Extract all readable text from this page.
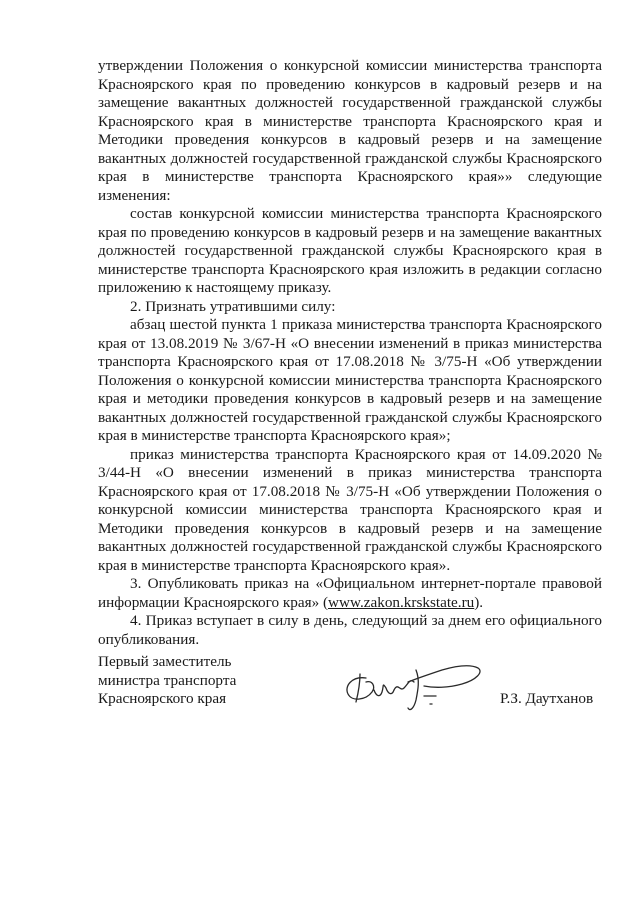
утверждении Положения о конкурсной комиссии министерства транспорта Красноярского края по проведению конкурсов в кадровый резерв и на замещение вакантных должностей государственной гражданской службы Красноярского края в министерстве транспорта Красноярского края и Методики проведения конкурсов в кадровый резерв и на замещение вакантных должностей государственной гражданской службы Красноярского края в министерстве транспорта Красноярского края»» следующие изменения:

состав конкурсной комиссии министерства транспорта Красноярского края по проведению конкурсов в кадровый резерв и на замещение вакантных должностей государственной гражданской службы Красноярского края в министерстве транспорта Красноярского края изложить в редакции согласно приложению к настоящему приказу.

2. Признать утратившими силу:

абзац шестой пункта 1 приказа министерства транспорта Красноярского края от 13.08.2019 № 3/67-Н «О внесении изменений в приказ министерства транспорта Красноярского края от 17.08.2018 № 3/75-Н «Об утверждении Положения о конкурсной комиссии министерства транспорта Красноярского края и методики проведения конкурсов в кадровый резерв и на замещение вакантных должностей государственной гражданской службы Красноярского края в министерстве транспорта Красноярского края»;

приказ министерства транспорта Красноярского края от 14.09.2020 № 3/44-Н «О внесении изменений в приказ министерства транспорта Красноярского края от 17.08.2018 № 3/75-Н «Об утверждении Положения о конкурсной комиссии министерства транспорта Красноярского края и Методики проведения конкурсов в кадровый резерв и на замещение вакантных должностей государственной гражданской службы Красноярского края в министерстве транспорта Красноярского края».

3. Опубликовать приказ на «Официальном интернет-портале правовой информации Красноярского края» (www.zakon.krskstate.ru).

4. Приказ вступает в силу в день, следующий за днем его официального опубликования.

Первый заместитель
министра транспорта
Красноярского края	Р.З. Даутханов
